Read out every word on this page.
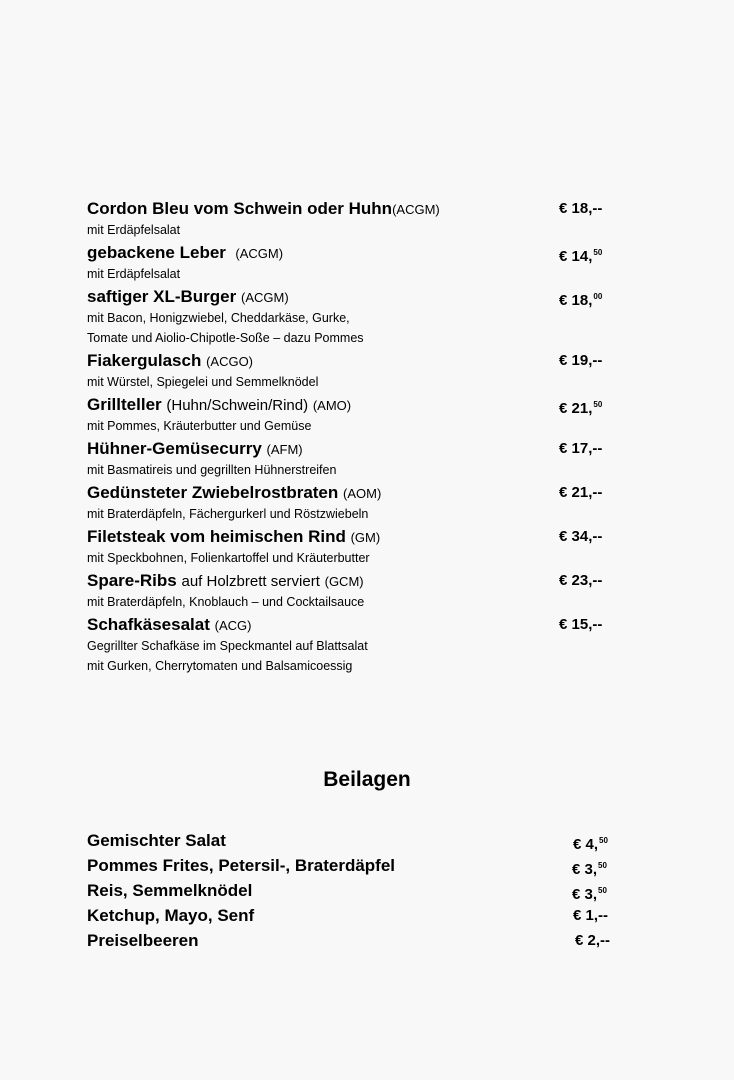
Cordon Bleu vom Schwein oder Huhn(ACGM)	€ 18,--
mit Erdäpfelsalat
gebackene Leber (ACGM)	€ 14,50
mit Erdäpfelsalat
saftiger XL-Burger (ACGM)	€ 18,00
mit Bacon, Honigzwiebel, Cheddarkäse, Gurke,
Tomate und Aiolio-Chipotle-Soße – dazu Pommes
Fiakergulasch (ACGO)	€ 19,--
mit Würstel, Spiegelei und Semmelknödel
Grillteller (Huhn/Schwein/Rind) (AMO)	€ 21,50
mit Pommes, Kräuterbutter und Gemüse
Hühner-Gemüsecurry (AFM)	€ 17,--
mit Basmatireis und gegrillten Hühnerstreifen
Gedünsteter Zwiebelrostbraten (AOM)	€ 21,--
mit Braterdäpfeln, Fächergurkerl und Röstzwiebeln
Filetsteak vom heimischen Rind (GM)	€ 34,--
mit Speckbohnen, Folienkartoffel und Kräuterbutter
Spare-Ribs auf Holzbrett serviert (GCM)	€ 23,--
mit Braterdäpfeln, Knoblauch – und Cocktailsauce
Schafkäsesalat (ACG)	€ 15,--
Gegrillter Schafkäse im Speckmantel auf Blattsalat
mit Gurken, Cherrytomaten und Balsamicoessig
Beilagen
Gemischter Salat	€ 4,50
Pommes Frites, Petersil-, Braterdäpfel	€ 3,50
Reis, Semmelknödel	€ 3,50
Ketchup, Mayo, Senf	€ 1,--
Preiselbeeren	€ 2,--
